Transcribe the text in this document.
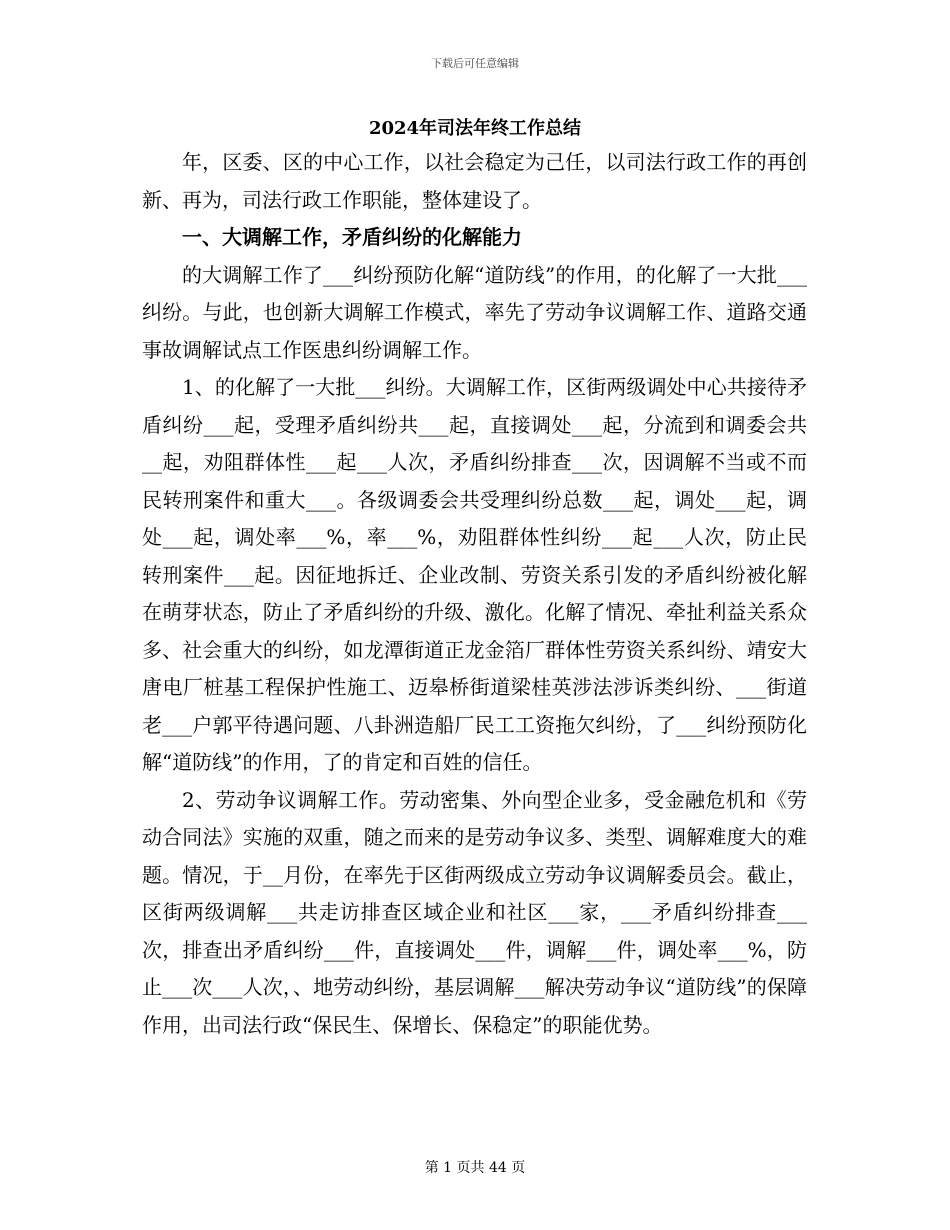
下载后可任意编辑
2024年司法年终工作总结

年，区委、区的中心工作，以社会稳定为己任，以司法行政工作的再创新、再为，司法行政工作职能，整体建设了。

一、大调解工作，矛盾纠纷的化解能力

的大调解工作了___纠纷预防化解“道防线”的作用，的化解了一大批___纠纷。与此，也创新大调解工作模式，率先了劳动争议调解工作、道路交通事故调解试点工作医患纠纷调解工作。

1、的化解了一大批___纠纷。大调解工作，区街两级调处中心共接待矛盾纠纷___起，受理矛盾纠纷共___起，直接调处___起，分流到和调委会共__起，劝阻群体性___起___人次，矛盾纠纷排查___次，因调解不当或不而民转刑案件和重大___。各级调委会共受理纠纷总数___起，调处___起，调处___起，调处率___%，率___%，劝阻群体性纠纷___起___人次，防止民转刑案件___起。因征地拆迁、企业改制、劳资关系引发的矛盾纠纷被化解在萌芽状态，防止了矛盾纠纷的升级、激化。化解了情况、牵扯利益关系众多、社会重大的纠纷，如龙潭街道正龙金箔厂群体性劳资关系纠纷、靖安大唐电厂桩基工程保护性施工、迈皋桥街道梁桂英涉法涉诉类纠纷、___街道老___户郭平待遇问题、八卦洲造船厂民工工资拖欠纠纷，了___纠纷预防化解“道防线”的作用，了的肯定和百姓的信任。

2、劳动争议调解工作。劳动密集、外向型企业多，受金融危机和《劳动合同法》实施的双重，随之而来的是劳动争议多、类型、调解难度大的难题。情况，于__月份，在率先于区街两级成立劳动争议调解委员会。截止，区街两级调解___共走访排查区域企业和社区___家，___矛盾纠纷排查___次，排查出矛盾纠纷___件，直接调处___件，调解___件，调处率___%，防止___次___人次，、地劳动纠纷，基层调解___解决劳动争议“道防线”的保障作用，出司法行政“保民生、保增长、保稳定”的职能优势。

第 1 页共 44 页
